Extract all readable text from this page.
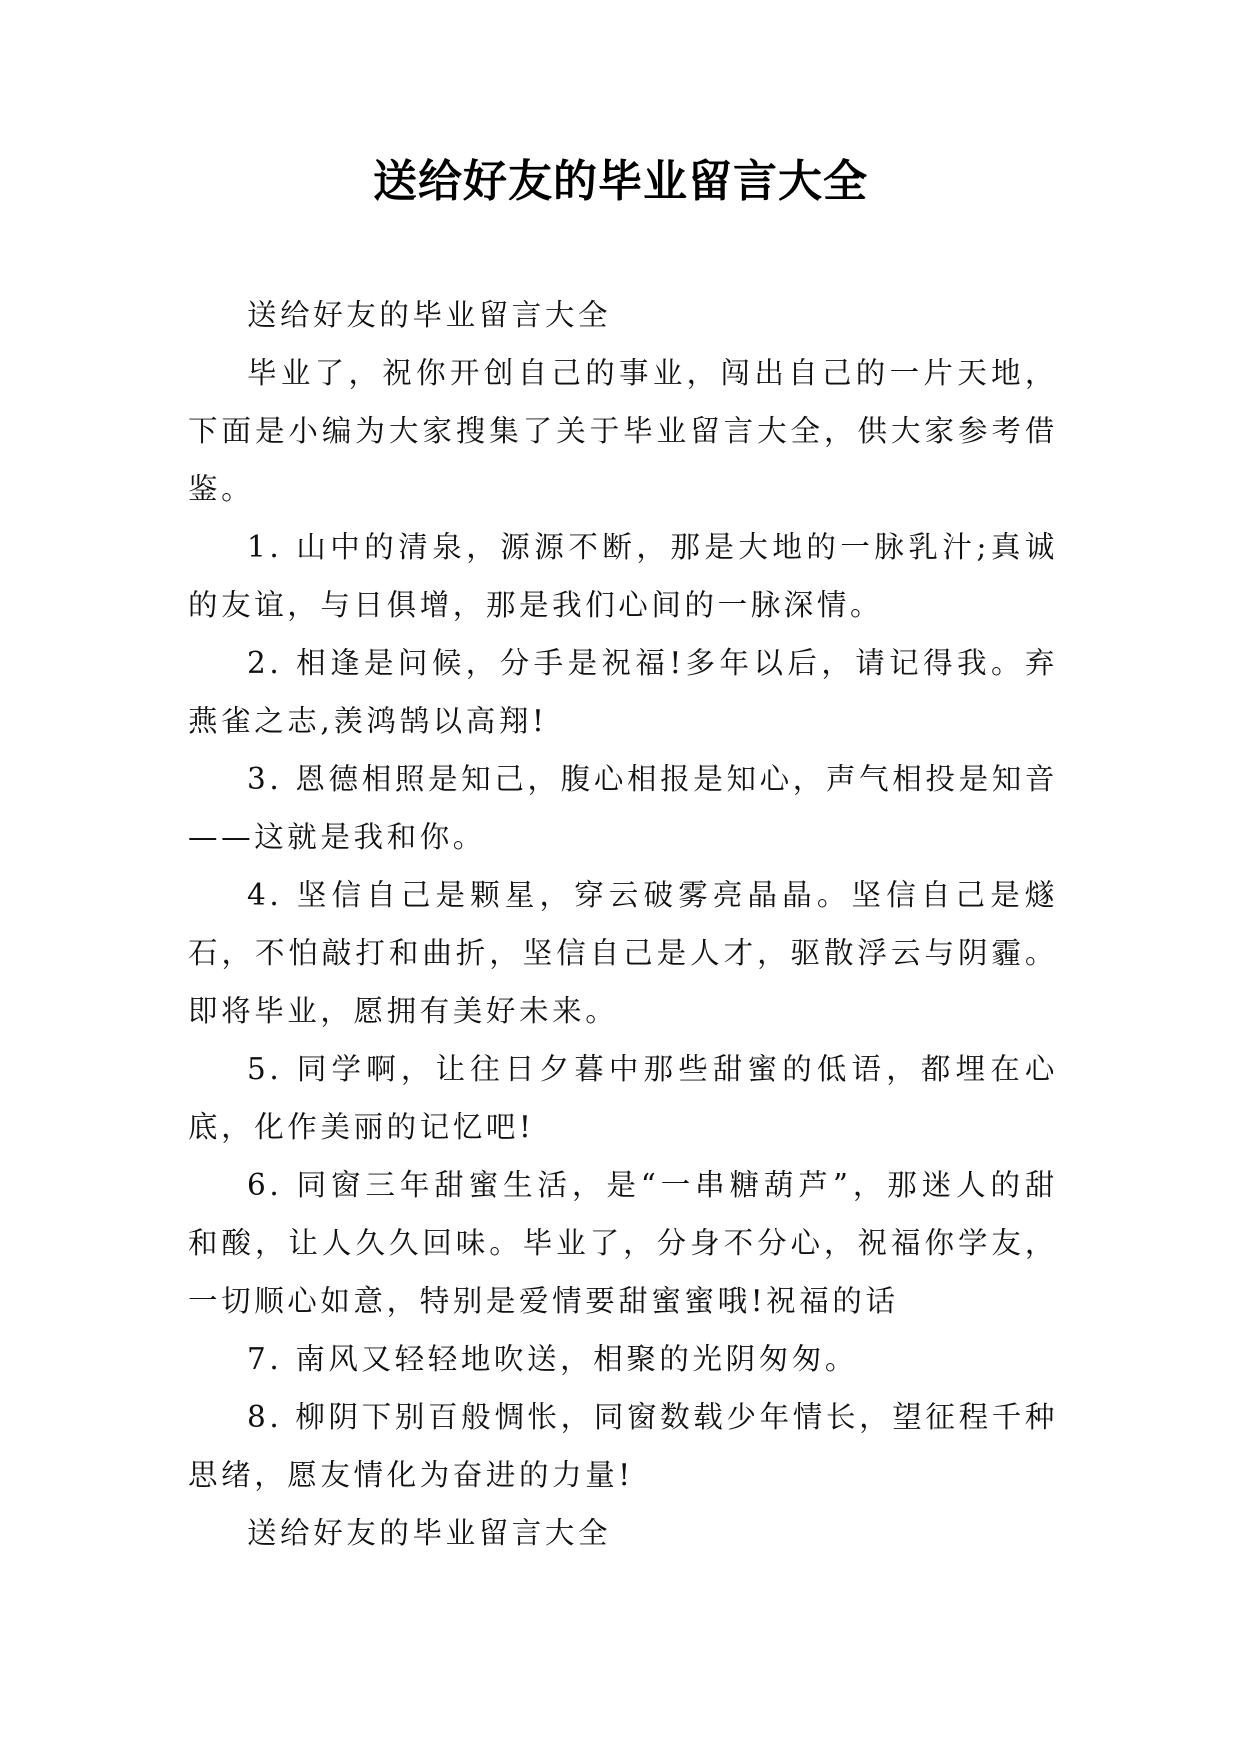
送给好友的毕业留言大全

送给好友的毕业留言大全

毕业了，祝你开创自己的事业，闯出自己的一片天地，下面是小编为大家搜集了关于毕业留言大全，供大家参考借鉴。

1. 山中的清泉，源源不断，那是大地的一脉乳汁;真诚的友谊，与日俱增，那是我们心间的一脉深情。

2. 相逢是问候，分手是祝福!多年以后，请记得我。弃燕雀之志,羡鸿鹄以高翔!

3. 恩德相照是知己，腹心相报是知心，声气相投是知音——这就是我和你。

4. 坚信自己是颗星，穿云破雾亮晶晶。坚信自己是燧石，不怕敲打和曲折，坚信自己是人才，驱散浮云与阴霾。即将毕业，愿拥有美好未来。

5. 同学啊，让往日夕暮中那些甜蜜的低语，都埋在心底，化作美丽的记忆吧!

6. 同窗三年甜蜜生活，是“一串糖葫芦”，那迷人的甜和酸，让人久久回味。毕业了，分身不分心，祝福你学友，一切顺心如意，特别是爱情要甜蜜蜜哦!祝福的话

7. 南风又轻轻地吹送，相聚的光阴匆匆。

8. 柳阴下别百般惆怅，同窗数载少年情长，望征程千种思绪，愿友情化为奋进的力量!

送给好友的毕业留言大全
